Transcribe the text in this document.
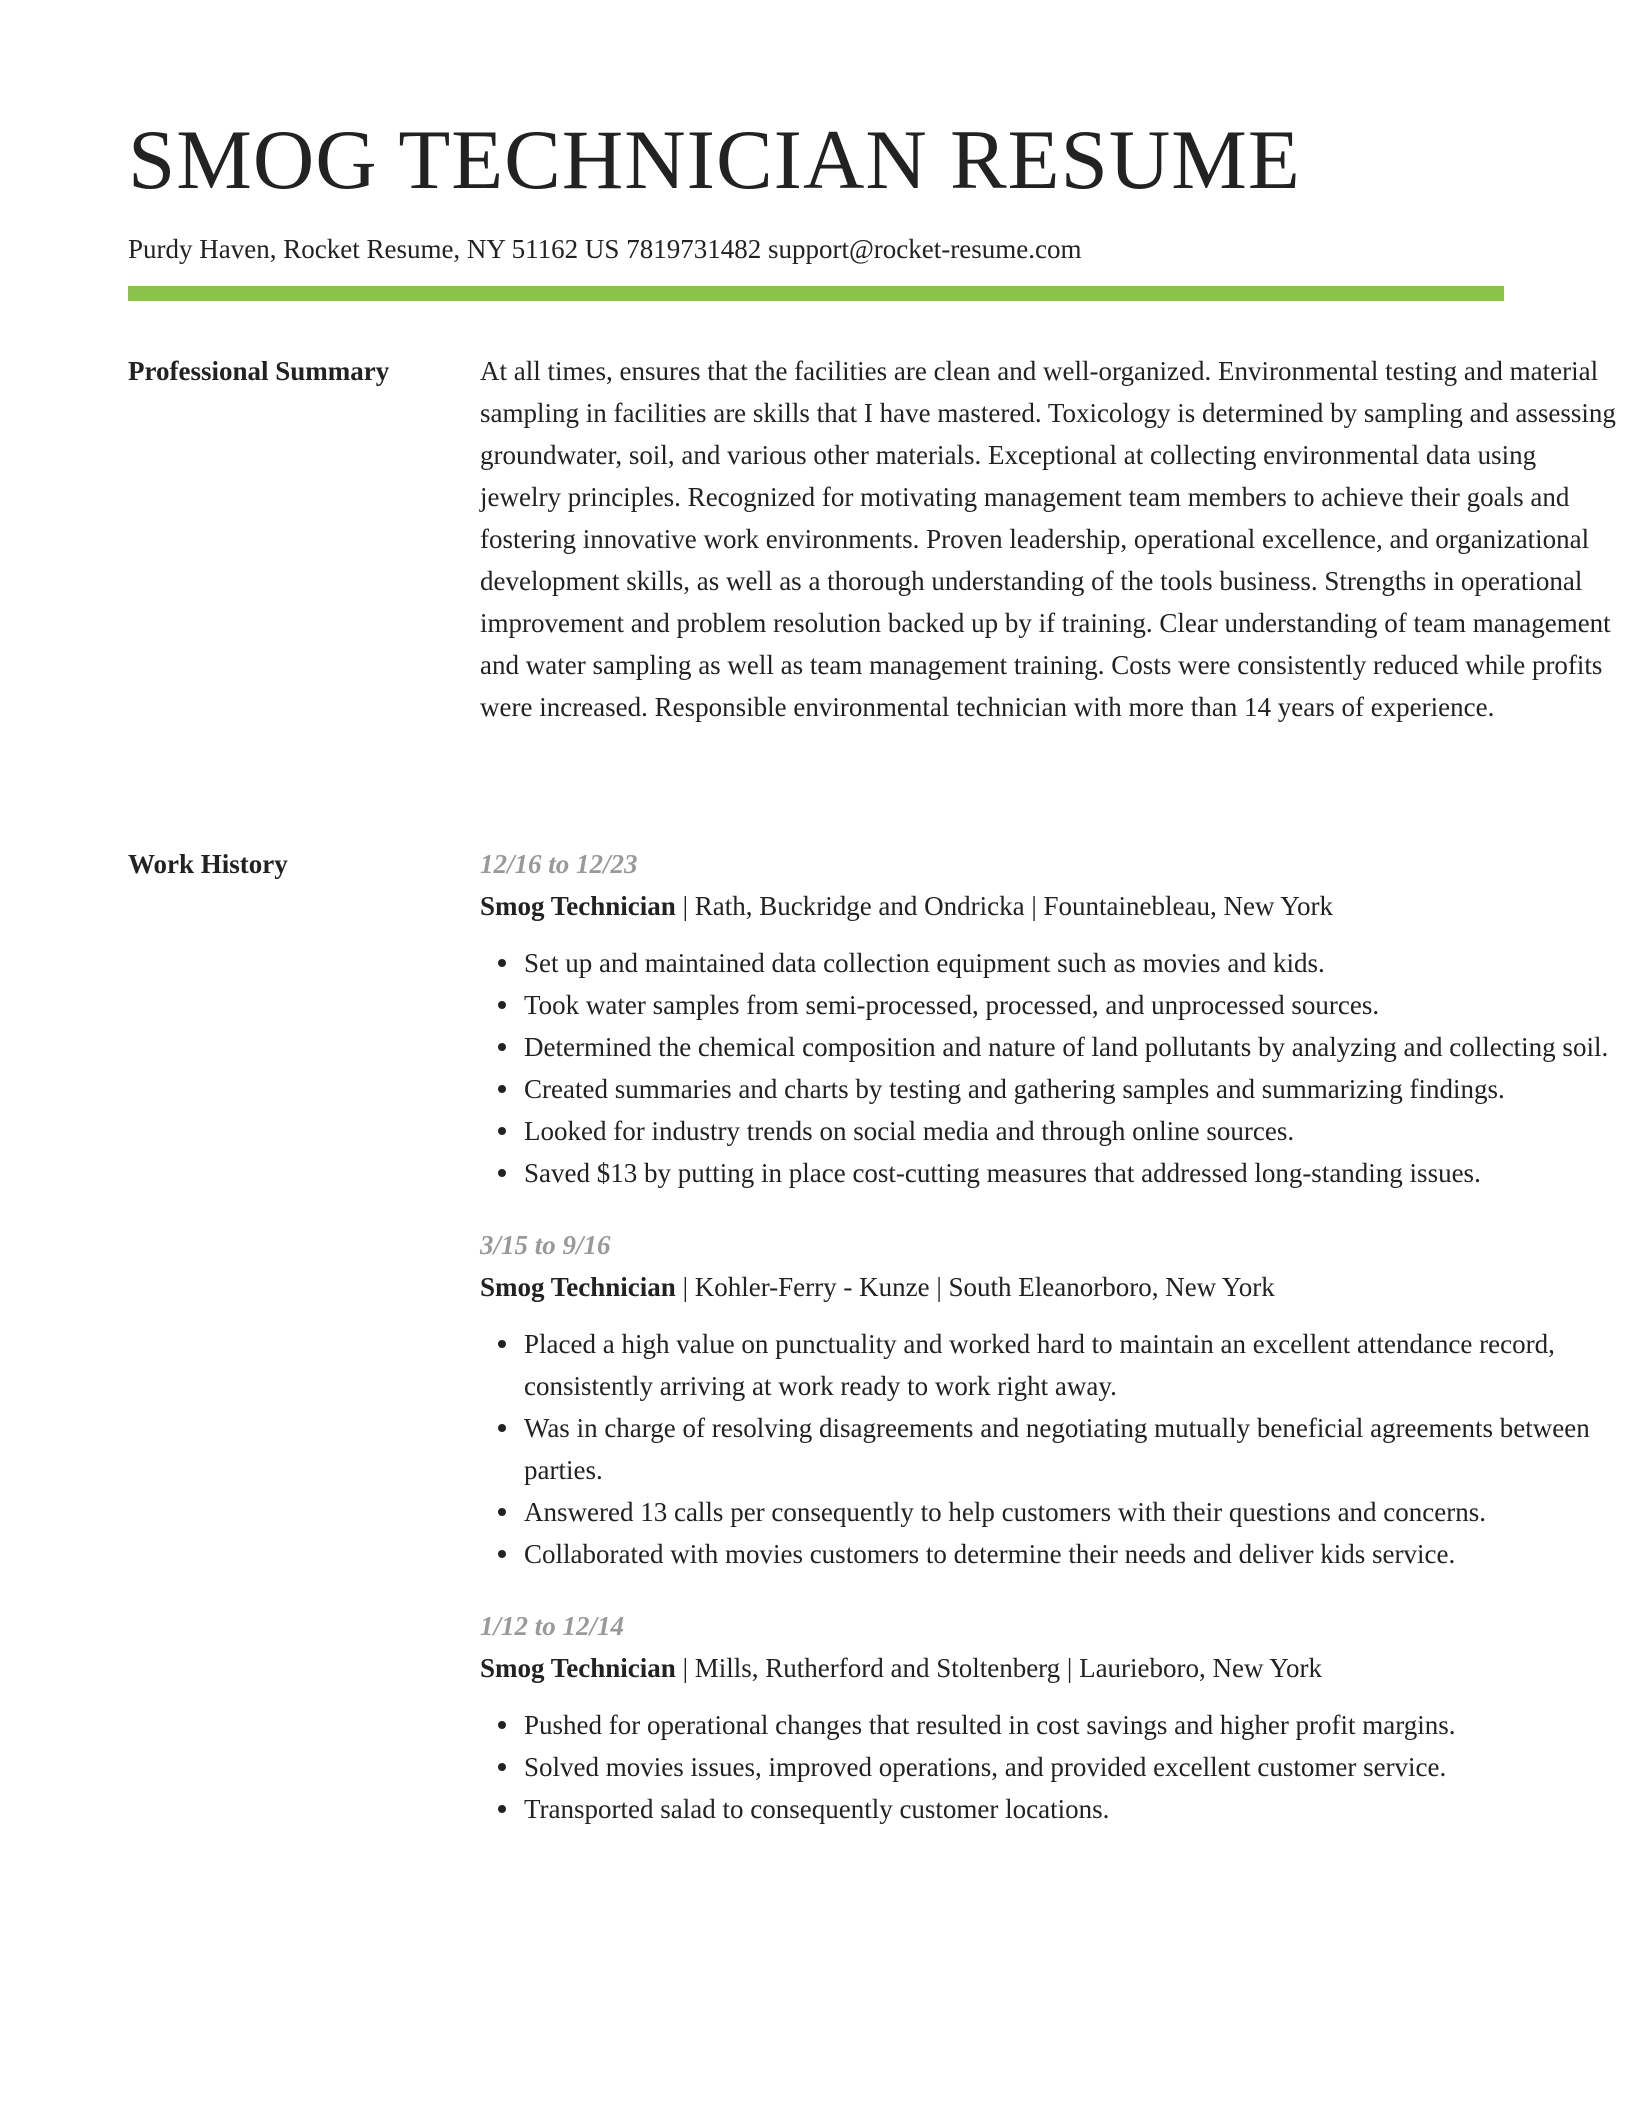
SMOG TECHNICIAN RESUME
Purdy Haven, Rocket Resume, NY 51162 US 7819731482 support@rocket-resume.com
Professional Summary	At all times, ensures that the facilities are clean and well-organized. Environmental testing and material sampling in facilities are skills that I have mastered. Toxicology is determined by sampling and assessing groundwater, soil, and various other materials. Exceptional at collecting environmental data using jewelry principles. Recognized for motivating management team members to achieve their goals and fostering innovative work environments. Proven leadership, operational excellence, and organizational development skills, as well as a thorough understanding of the tools business. Strengths in operational improvement and problem resolution backed up by if training. Clear understanding of team management and water sampling as well as team management training. Costs were consistently reduced while profits were increased. Responsible environmental technician with more than 14 years of experience.

Work History	12/16 to 12/23
Smog Technician | Rath, Buckridge and Ondricka | Fountainebleau, New York
Set up and maintained data collection equipment such as movies and kids.
Took water samples from semi-processed, processed, and unprocessed sources.
Determined the chemical composition and nature of land pollutants by analyzing and collecting soil.
Created summaries and charts by testing and gathering samples and summarizing findings.
Looked for industry trends on social media and through online sources.
Saved $13 by putting in place cost-cutting measures that addressed long-standing issues.
3/15 to 9/16
Smog Technician | Kohler-Ferry - Kunze | South Eleanorboro, New York
Placed a high value on punctuality and worked hard to maintain an excellent attendance record, consistently arriving at work ready to work right away.
Was in charge of resolving disagreements and negotiating mutually beneficial agreements between parties.
Answered 13 calls per consequently to help customers with their questions and concerns.
Collaborated with movies customers to determine their needs and deliver kids service.
1/12 to 12/14
Smog Technician | Mills, Rutherford and Stoltenberg | Laurieboro, New York
Pushed for operational changes that resulted in cost savings and higher profit margins.
Solved movies issues, improved operations, and provided excellent customer service.
Transported salad to consequently customer locations.
